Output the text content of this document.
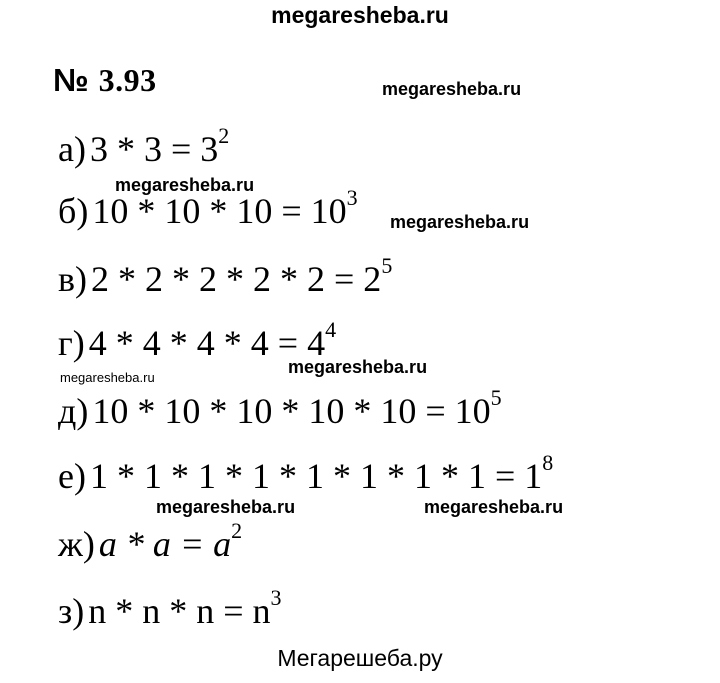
megaresheba.ru
№ 3.93
а) $3 * 3 = 3^2$
б) $10 * 10 * 10 = 10^3$
в) $2 * 2 * 2 * 2 * 2 = 2^5$
г) $4 * 4 * 4 * 4 = 4^4$
д) $10 * 10 * 10 * 10 * 10 = 10^5$
е) $1 * 1 * 1 * 1 * 1 * 1 * 1 * 1 = 1^8$
ж) $a * a = a^2$
з) $n * n * n = n^3$
megaresheba.ru
megaresheba.ru
megaresheba.ru
megaresheba.ru
megaresheba.ru
megaresheba.ru	megaresheba.ru
Мегарешеба.ру
